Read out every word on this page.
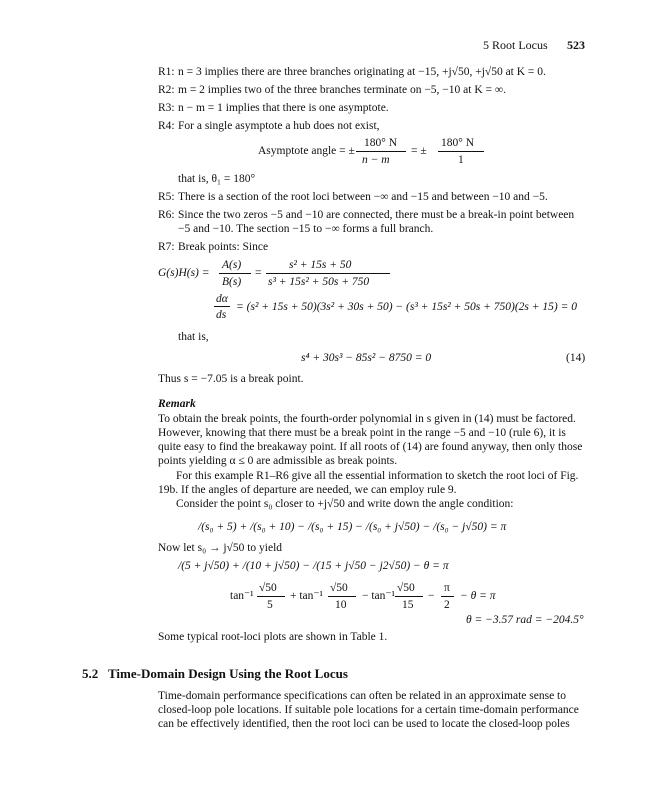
5 Root Locus 523
R1: n = 3 implies there are three branches originating at −15, +j√50, +j√50 at K = 0.
R2: m = 2 implies two of the three branches terminate on −5, −10 at K = ∞.
R3: n − m = 1 implies that there is one asymptote.
R4: For a single asymptote a hub does not exist,
Asymptote angle = ±
180° N
n − m
= ±
180° N
1
that is, θ₁ = 180°
R5: There is a section of the root loci between −∞ and −15 and between −10 and −5.
R6: Since the two zeros −5 and −10 are connected, there must be a break-in point between
−5 and −10. The section −15 to −∞ forms a full branch.
R7: Break points: Since
G(s)H(s) =
A(s)
B(s)
=
s² + 15s + 50
s³ + 15s² + 50s + 750
dα
ds
= (s² + 15s + 50)(3s² + 30s + 50) − (s³ + 15s² + 50s + 750)(2s + 15) = 0
that is,
s⁴ + 30s³ − 85s² − 8750 = 0	(14)
Thus s = −7.05 is a break point.
Remark
To obtain the break points, the fourth-order polynomial in s given in (14) must be factored.
However, knowing that there must be a break point in the range −5 and −10 (rule 6), it is
quite easy to find the breakaway point. If all roots of (14) are found anyway, then only those
points yielding α ≤ 0 are admissible as break points.
For this example R1–R6 give all the essential information to sketch the root loci of Fig.
19b. If the angles of departure are needed, we can employ rule 9.
Consider the point s₀ closer to +j√50 and write down the angle condition:
/(s₀ + 5) + /(s₀ + 10) − /(s₀ + 15) − /(s₀ + j√50) − /(s₀ − j√50) = π
Now let s₀ → j√50 to yield
/(5 + j√50) + /(10 + j√50) − /(15 + j√50 − j2√50) − θ = π
tan⁻¹
√50
5
+ tan⁻¹
√50
10
− tan⁻¹
√50
15
−
π
2
− θ = π
θ = −3.57 rad = −204.5°
Some typical root-loci plots are shown in Table 1.
5.2 Time-Domain Design Using the Root Locus
Time-domain performance specifications can often be related in an approximate sense to
closed-loop pole locations. If suitable pole locations for a certain time-domain performance
can be effectively identified, then the root loci can be used to locate the closed-loop poles
